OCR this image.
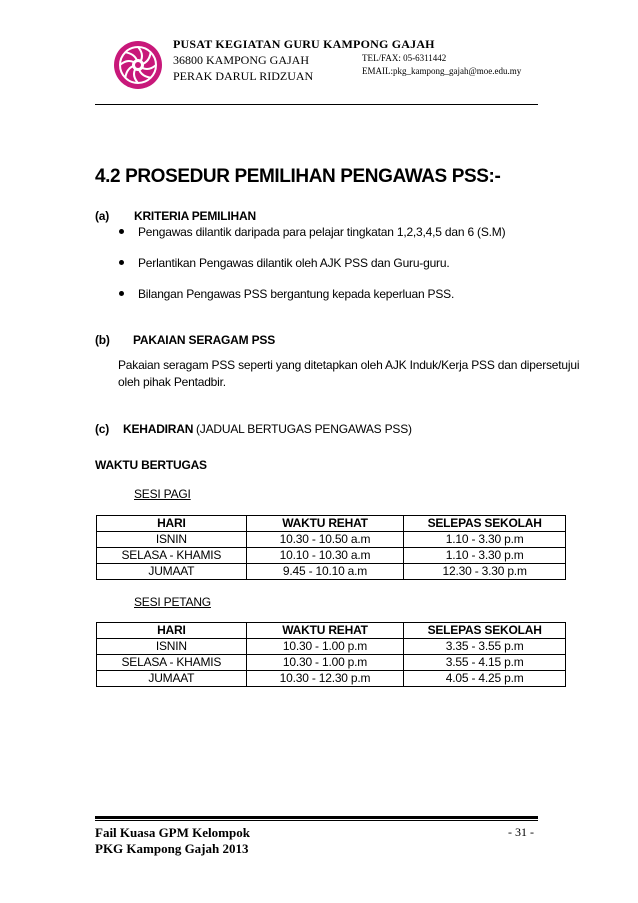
PUSAT KEGIATAN GURU KAMPONG GAJAH
36800 KAMPONG GAJAH
PERAK DARUL RIDZUAN
TEL/FAX: 05-6311442
EMAIL:pkg_kampong_gajah@moe.edu.my
4.2 PROSEDUR PEMILIHAN PENGAWAS PSS:-
(a) KRITERIA PEMILIHAN
Pengawas dilantik daripada para pelajar tingkatan 1,2,3,4,5 dan 6 (S.M)
Perlantikan Pengawas dilantik oleh AJK PSS dan Guru-guru.
Bilangan Pengawas PSS bergantung kepada keperluan PSS.
(b) PAKAIAN SERAGAM PSS
Pakaian seragam PSS seperti yang ditetapkan oleh AJK Induk/Kerja PSS dan dipersetujui
oleh pihak Pentadbir.
(c) KEHADIRAN (JADUAL BERTUGAS PENGAWAS PSS)
WAKTU BERTUGAS
SESI PAGI
HARI	WAKTU REHAT	SELEPAS SEKOLAH
ISNIN	10.30 - 10.50 a.m	1.10 - 3.30 p.m
SELASA - KHAMIS	10.10 - 10.30 a.m	1.10 - 3.30 p.m
JUMAAT	9.45 - 10.10 a.m	12.30 - 3.30 p.m
SESI PETANG
HARI	WAKTU REHAT	SELEPAS SEKOLAH
ISNIN	10.30 - 1.00 p.m	3.35 - 3.55 p.m
SELASA - KHAMIS	10.30 - 1.00 p.m	3.55 - 4.15 p.m
JUMAAT	10.30 - 12.30 p.m	4.05 - 4.25 p.m
Fail Kuasa GPM Kelompok
PKG Kampong Gajah 2013
- 31 -
